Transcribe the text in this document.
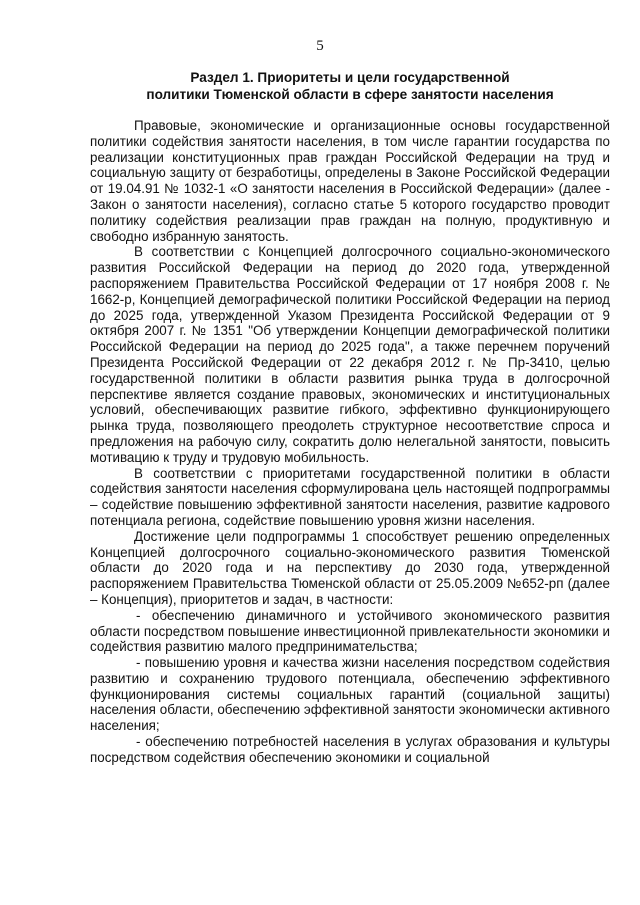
5
Раздел 1. Приоритеты и цели государственной
политики Тюменской области в сфере занятости населения

Правовые, экономические и организационные основы государственной политики содействия занятости населения, в том числе гарантии государства по реализации конституционных прав граждан Российской Федерации на труд и социальную защиту от безработицы, определены в Законе Российской Федерации от 19.04.91 № 1032-1 «О занятости населения в Российской Федерации» (далее - Закон о занятости населения), согласно статье 5 которого государство проводит политику содействия реализации прав граждан на полную, продуктивную и свободно избранную занятость.

В соответствии с Концепцией долгосрочного социально-экономического развития Российской Федерации на период до 2020 года, утвержденной распоряжением Правительства Российской Федерации от 17 ноября 2008 г. № 1662-р, Концепцией демографической политики Российской Федерации на период до 2025 года, утвержденной Указом Президента Российской Федерации от 9 октября 2007 г. № 1351 "Об утверждении Концепции демографической политики Российской Федерации на период до 2025 года", а также перечнем поручений Президента Российской Федерации от 22 декабря 2012 г. № Пр-3410, целью государственной политики в области развития рынка труда в долгосрочной перспективе является создание правовых, экономических и институциональных условий, обеспечивающих развитие гибкого, эффективно функционирующего рынка труда, позволяющего преодолеть структурное несоответствие спроса и предложения на рабочую силу, сократить долю нелегальной занятости, повысить мотивацию к труду и трудовую мобильность.

В соответствии с приоритетами государственной политики в области содействия занятости населения сформулирована цель настоящей подпрограммы – содействие повышению эффективной занятости населения, развитие кадрового потенциала региона, содействие повышению уровня жизни населения.

Достижение цели подпрограммы 1 способствует решению определенных Концепцией долгосрочного социально-экономического развития Тюменской области до 2020 года и на перспективу до 2030 года, утвержденной распоряжением Правительства Тюменской области от 25.05.2009 №652-рп (далее – Концепция), приоритетов и задач, в частности:

- обеспечению динамичного и устойчивого экономического развития области посредством повышение инвестиционной привлекательности экономики и содействия развитию малого предпринимательства;

- повышению уровня и качества жизни населения посредством содействия развитию и сохранению трудового потенциала, обеспечению эффективного функционирования системы социальных гарантий (социальной защиты) населения области, обеспечению эффективной занятости экономически активного населения;

- обеспечению потребностей населения в услугах образования и культуры посредством содействия обеспечению экономики и социальной
